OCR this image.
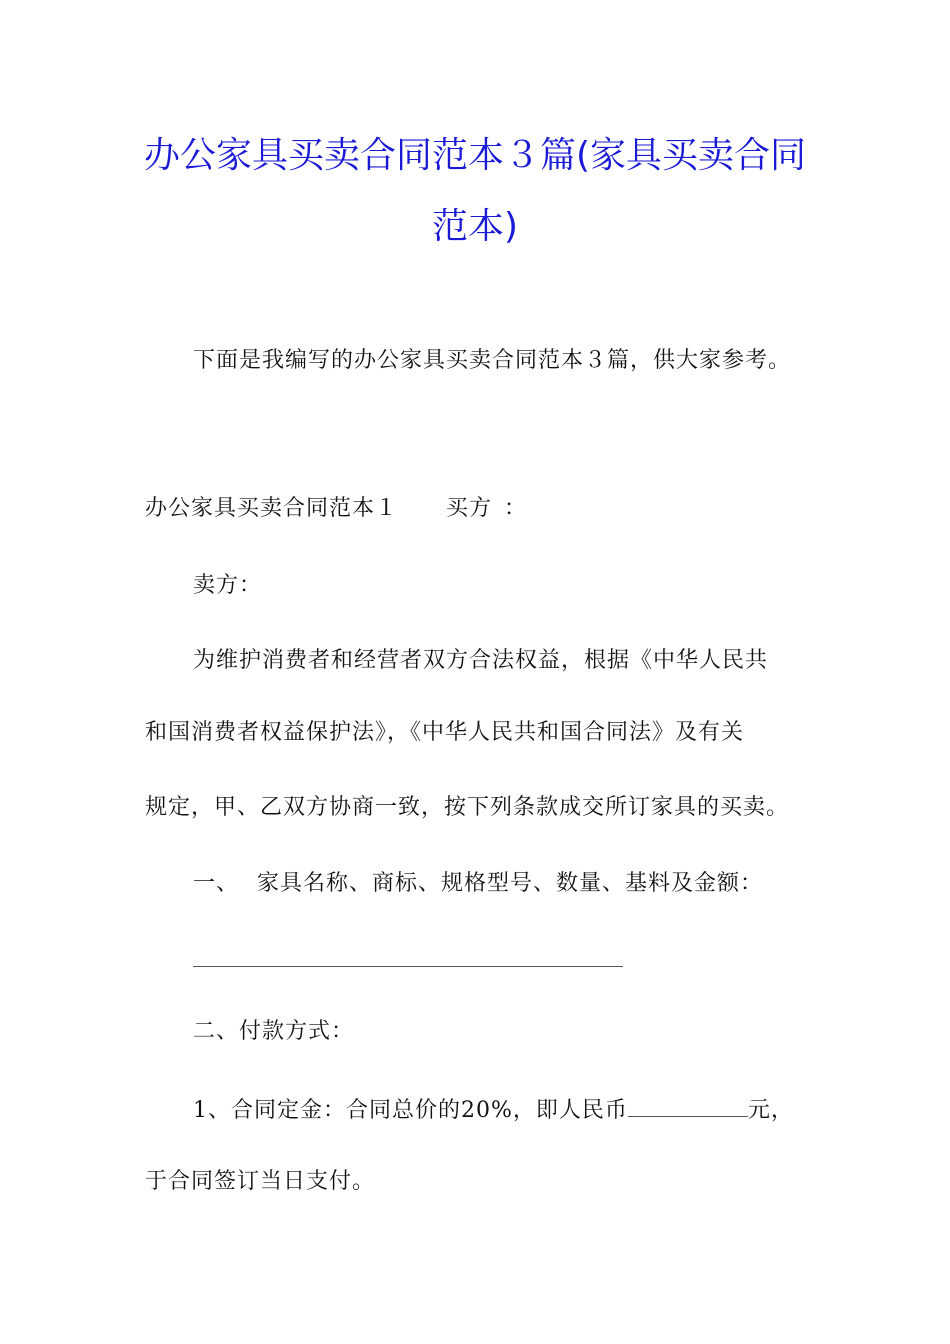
办公家具买卖合同范本３篇(家具买卖合同
范本)
下面是我编写的办公家具买卖合同范本３篇，供大家参考。
办公家具买卖合同范本１ 买方 ：
卖方：
为维护消费者和经营者双方合法权益，根据《中华人民共
和国消费者权益保护法》，《中华人民共和国合同法》及有关
规定，甲、乙双方协商一致，按下列条款成交所订家具的买卖。
一、 家具名称、商标、规格型号、数量、基料及金额：
二、付款方式：
1、合同定金：合同总价的20%，即人民币	元，
于合同签订当日支付。
